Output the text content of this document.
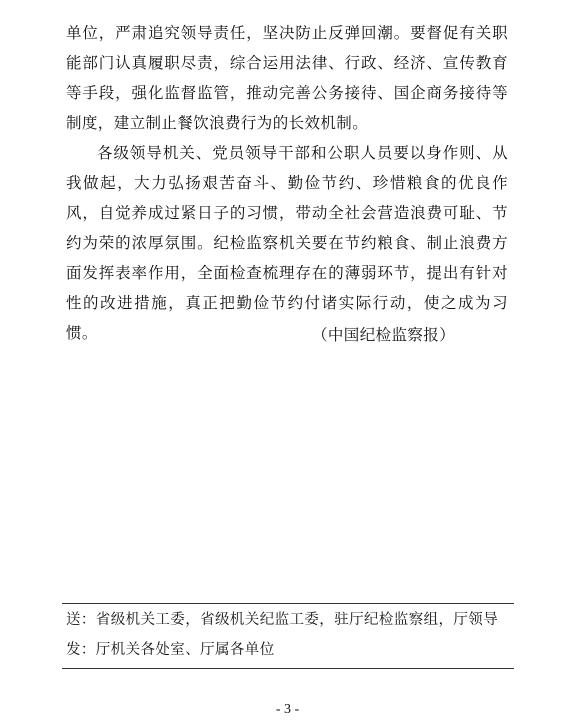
单位，严肃追究领导责任，坚决防止反弹回潮。要督促有关职能部门认真履职尽责，综合运用法律、行政、经济、宣传教育等手段，强化监督监管，推动完善公务接待、国企商务接待等制度，建立制止餐饮浪费行为的长效机制。

各级领导机关、党员领导干部和公职人员要以身作则、从我做起，大力弘扬艰苦奋斗、勤俭节约、珍惜粮食的优良作风，自觉养成过紧日子的习惯，带动全社会营造浪费可耻、节约为荣的浓厚氛围。纪检监察机关要在节约粮食、制止浪费方面发挥表率作用，全面检查梳理存在的薄弱环节，提出有针对性的改进措施，真正把勤俭节约付诸实际行动，使之成为习惯。	（中国纪检监察报）
送：省级机关工委，省级机关纪监工委，驻厅纪检监察组，厅领导
发：厅机关各处室、厅属各单位
- 3 -
